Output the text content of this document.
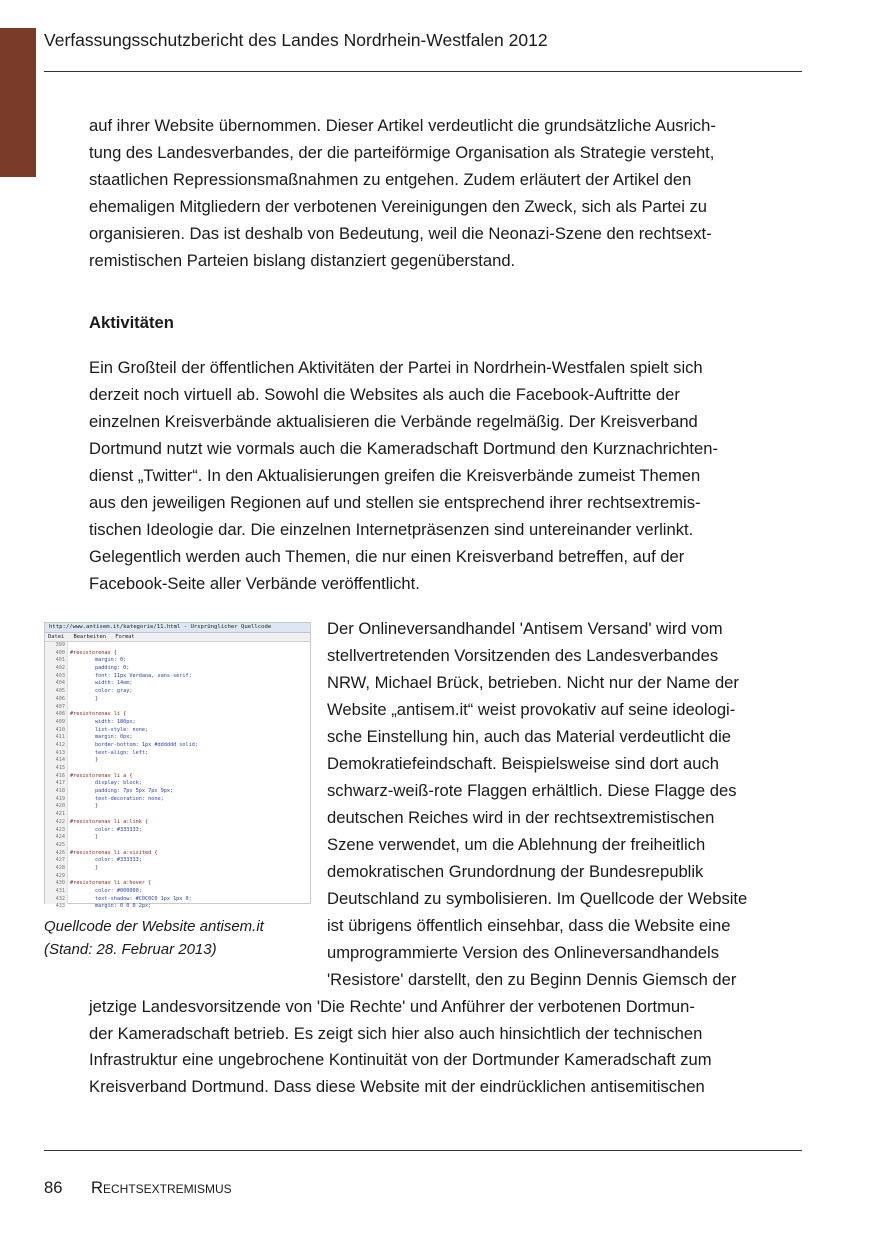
Verfassungsschutzbericht des Landes Nordrhein-Westfalen 2012
auf ihrer Website übernommen. Dieser Artikel verdeutlicht die grundsätzliche Ausrich-
tung des Landesverbandes, der die parteiförmige Organisation als Strategie versteht,
staatlichen Repressionsmaßnahmen zu entgehen. Zudem erläutert der Artikel den
ehemaligen Mitgliedern der verbotenen Vereinigungen den Zweck, sich als Partei zu
organisieren. Das ist deshalb von Bedeutung, weil die Neonazi-Szene den rechtsext-
remistischen Parteien bislang distanziert gegenüberstand.
Aktivitäten
Ein Großteil der öffentlichen Aktivitäten der Partei in Nordrhein-Westfalen spielt sich
derzeit noch virtuell ab. Sowohl die Websites als auch die Facebook-Auftritte der
einzelnen Kreisverbände aktualisieren die Verbände regelmäßig. Der Kreisverband
Dortmund nutzt wie vormals auch die Kameradschaft Dortmund den Kurznachrichten-
dienst „Twitter“. In den Aktualisierungen greifen die Kreisverbände zumeist Themen
aus den jeweiligen Regionen auf und stellen sie entsprechend ihrer rechtsextremis-
tischen Ideologie dar. Die einzelnen Internetpräsenzen sind untereinander verlinkt.
Gelegentlich werden auch Themen, die nur einen Kreisverband betreffen, auf der
Facebook-Seite aller Verbände veröffentlicht.
http://www.antisem.it/kategorie/11.html - Ursprünglicher Quellcode
Datei Bearbeiten Format
399
400 #resistorenav {
401 margin: 0;
402 padding: 0;
403 font: 11px Verdana, sans-serif;
404 width: 14em;
405 color: gray;
406 }
407
408 #resistorenav li {
409 width: 180px;
410 list-style: none;
411 margin: 0px;
412 border-bottom: 1px #dddddd solid;
413 text-align: left;
414 }
415
416 #resistorenav li a {
417 display: block;
418 padding: 7px 5px 7px 9px;
419 text-decoration: none;
420 }
421
422 #resistorenav li a:link {
423 color: #333333;
424 }
425
426 #resistorenav li a:visited {
427 color: #333333;
428 }
429
430 #resistorenav li a:hover {
431 color: #000000;
432 text-shadow: #C0C0C0 1px 1px 0;
433 margin: 0 0 0 2px;
Quellcode der Website antisem.it
(Stand: 28. Februar 2013)
Der Onlineversandhandel 'Antisem Versand' wird vom
stellvertretenden Vorsitzenden des Landesverbandes
NRW, Michael Brück, betrieben. Nicht nur der Name der
Website „antisem.it“ weist provokativ auf seine ideologi-
sche Einstellung hin, auch das Material verdeutlicht die
Demokratiefeindschaft. Beispielsweise sind dort auch
schwarz-weiß-rote Flaggen erhältlich. Diese Flagge des
deutschen Reiches wird in der rechtsextremistischen
Szene verwendet, um die Ablehnung der freiheitlich
demokratischen Grundordnung der Bundesrepublik
Deutschland zu symbolisieren. Im Quellcode der Website
ist übrigens öffentlich einsehbar, dass die Website eine
umprogrammierte Version des Onlineversandhandels
'Resistore' darstellt, den zu Beginn Dennis Giemsch der
jetzige Landesvorsitzende von 'Die Rechte' und Anführer der verbotenen Dortmun-
der Kameradschaft betrieb. Es zeigt sich hier also auch hinsichtlich der technischen
Infrastruktur eine ungebrochene Kontinuität von der Dortmunder Kameradschaft zum
Kreisverband Dortmund. Dass diese Website mit der eindrücklichen antisemitischen
86 Rechtsextremismus
